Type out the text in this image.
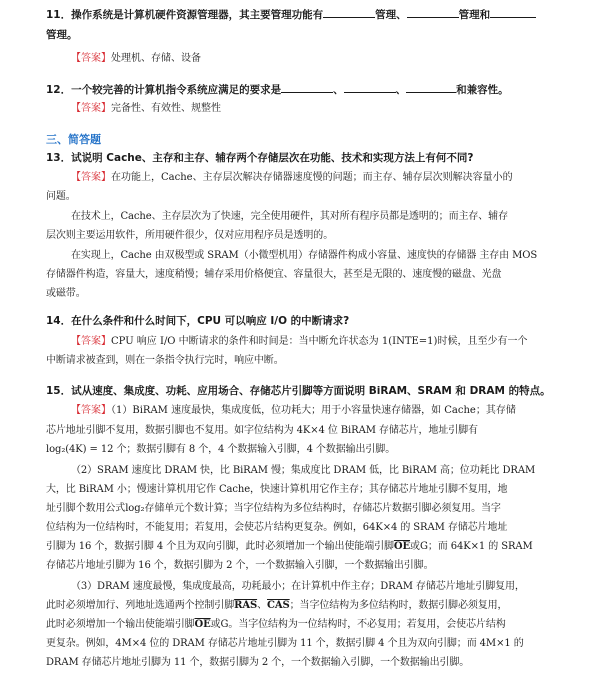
11．操作系统是计算机硬件资源管理器，其主要管理功能有	管理、	管理和
管理。
【答案】处理机、存储、设备
12．一个较完善的计算机指令系统应满足的要求是	、	、	和兼容性。
【答案】完备性、有效性、规整性
三、简答题
13．试说明 Cache、主存和主存、辅存两个存储层次在功能、技术和实现方法上有何不同?
【答案】在功能上，Cache、主存层次解决存储器速度慢的问题；而主存、辅存层次则解决容量小的
问题。
在技术上，Cache、主存层次为了快速，完全使用硬件，其对所有程序员都是透明的；而主存、辅存
层次则主要运用软件，所用硬件很少，仅对应用程序员是透明的。
在实现上，Cache 由双极型或 SRAM（小微型机用）存储器件构成小容量、速度快的存储器 主存由 MOS
存储器件构造，容量大，速度稍慢；辅存采用价格便宜、容量很大，甚至是无限的、速度慢的磁盘、光盘
或磁带。
14．在什么条件和什么时间下，CPU 可以响应 I/O 的中断请求?
【答案】CPU 响应 I/O 中断请求的条件和时间是：当中断允许状态为 1(INTE=1)时候，且至少有一个
中断请求被查到，则在一条指令执行完时，响应中断。
15．试从速度、集成度、功耗、应用场合、存储芯片引脚等方面说明 BiRAM、SRAM 和 DRAM 的特点。
【答案】（1）BiRAM 速度最快，集成度低，位功耗大；用于小容量快速存储器，如 Cache；其存储
芯片地址引脚不复用，数据引脚也不复用。如字位结构为 4K×4 位 BiRAM 存储芯片，地址引脚有
log₂(4K) = 12 个；数据引脚有 8 个，4 个数据输入引脚，4 个数据输出引脚。
（2）SRAM 速度比 DRAM 快，比 BiRAM 慢；集成度比 DRAM 低，比 BiRAM 高；位功耗比 DRAM
大，比 BiRAM 小；慢速计算机用它作 Cache，快速计算机用它作主存；其存储芯片地址引脚不复用，地
址引脚个数用公式log₂存储单元个数计算；当字位结构为多位结构时，存储芯片数据引脚必须复用。当字
位结构为一位结构时，不能复用；若复用，会使芯片结构更复杂。例如，64K×4 的 SRAM 存储芯片地址
引脚为 16 个，数据引脚 4 个且为双向引脚，此时必须增加一个输出使能端引脚$\overline{OE}$或G；而 64K×1 的 SRAM
存储芯片地址引脚为 16 个，数据引脚为 2 个，一个数据输入引脚，一个数据输出引脚。
（3）DRAM 速度最慢，集成度最高，功耗最小；在计算机中作主存；DRAM 存储芯片地址引脚复用，
此时必须增加行、列地址选通两个控制引脚$\overline{RAS}$、$\overline{CAS}$；当字位结构为多位结构时，数据引脚必须复用，
此时必须增加一个输出使能端引脚$\overline{OE}$或G。当字位结构为一位结构时，不必复用；若复用，会使芯片结构
更复杂。例如，4M×4 位的 DRAM 存储芯片地址引脚为 11 个，数据引脚 4 个且为双向引脚；而 4M×1 的
DRAM 存储芯片地址引脚为 11 个，数据引脚为 2 个，一个数据输入引脚，一个数据输出引脚。
